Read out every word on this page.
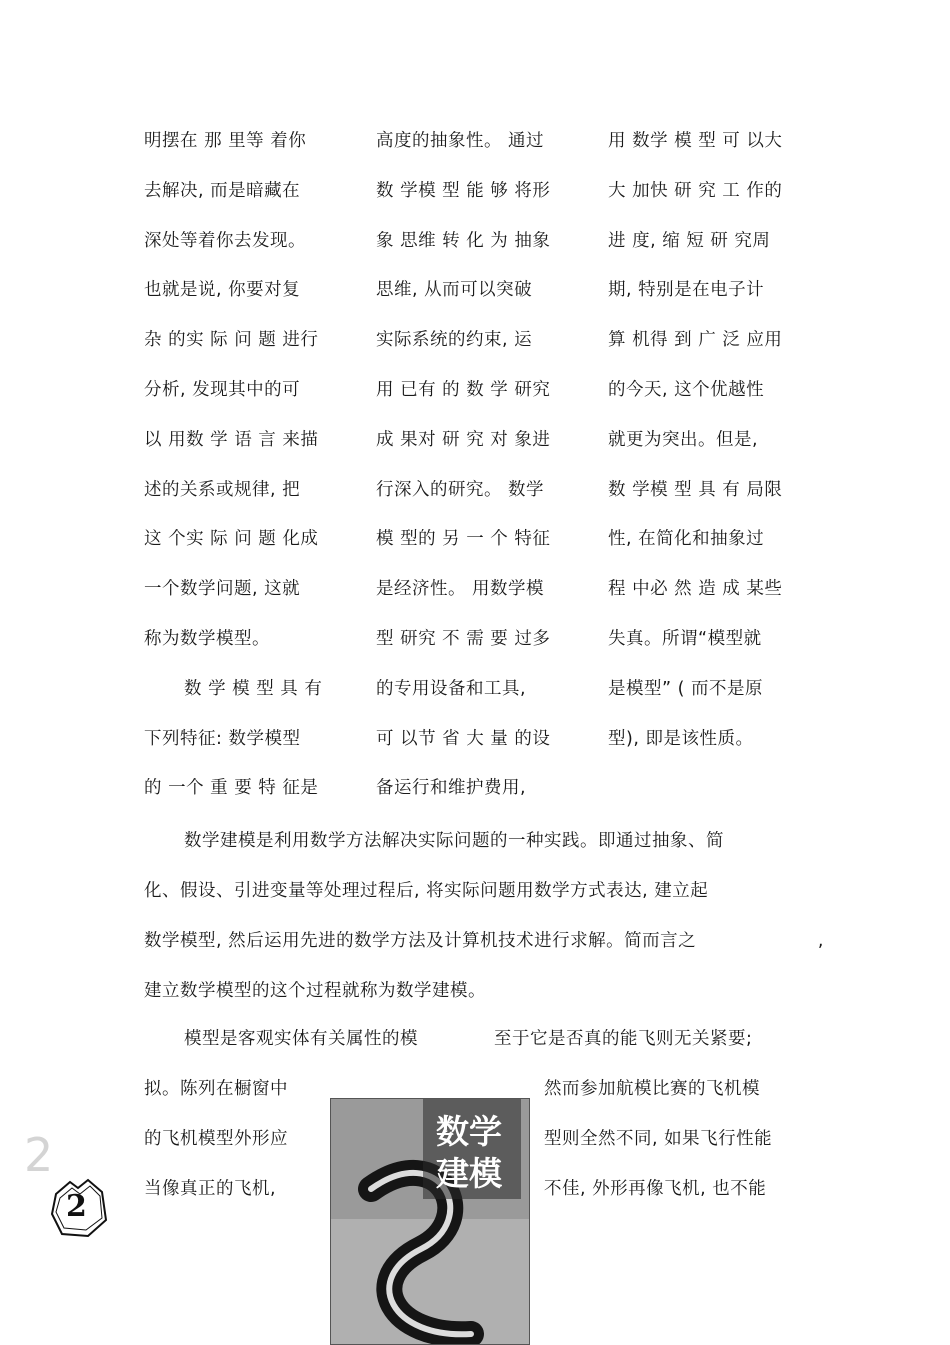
明摆在 那 里等 着你
去解决, 而是暗藏在
深处等着你去发现。
也就是说, 你要对复
杂 的实 际 问 题 进行
分析, 发现其中的可
以 用数 学 语 言 来描
述的关系或规律, 把
这 个实 际 问 题 化成
一个数学问题, 这就
称为数学模型。
数 学 模 型 具 有
下列特征: 数学模型
的 一个 重 要 特 征是
高度的抽象性。 通过
数 学模 型 能 够 将形
象 思维 转 化 为 抽象
思维, 从而可以突破
实际系统的约束, 运
用 已有 的 数 学 研究
成 果对 研 究 对 象进
行深入的研究。 数学
模 型的 另 一 个 特征
是经济性。 用数学模
型 研究 不 需 要 过多
的专用设备和工具,
可 以节 省 大 量 的设
备运行和维护费用,
用 数学 模 型 可 以大
大 加快 研 究 工 作的
进 度, 缩 短 研 究周
期, 特别是在电子计
算 机得 到 广 泛 应用
的今天, 这个优越性
就更为突出。但是,
数 学模 型 具 有 局限
性, 在简化和抽象过
程 中必 然 造 成 某些
失真。所谓“模型就
是模型” ( 而不是原
型), 即是该性质。
数学建模是利用数学方法解决实际问题的一种实践。即通过抽象、简
化、假设、引进变量等处理过程后, 将实际问题用数学方式表达, 建立起
数学模型, 然后运用先进的数学方法及计算机技术进行求解。简而言之	,
建立数学模型的这个过程就称为数学建模。
模型是客观实体有关属性的模
拟。陈列在橱窗中
的飞机模型外形应
当像真正的飞机,
至于它是否真的能飞则无关紧要;
然而参加航模比赛的飞机模
型则全然不同, 如果飞行性能
不佳, 外形再像飞机, 也不能
数学
建模
2
2
